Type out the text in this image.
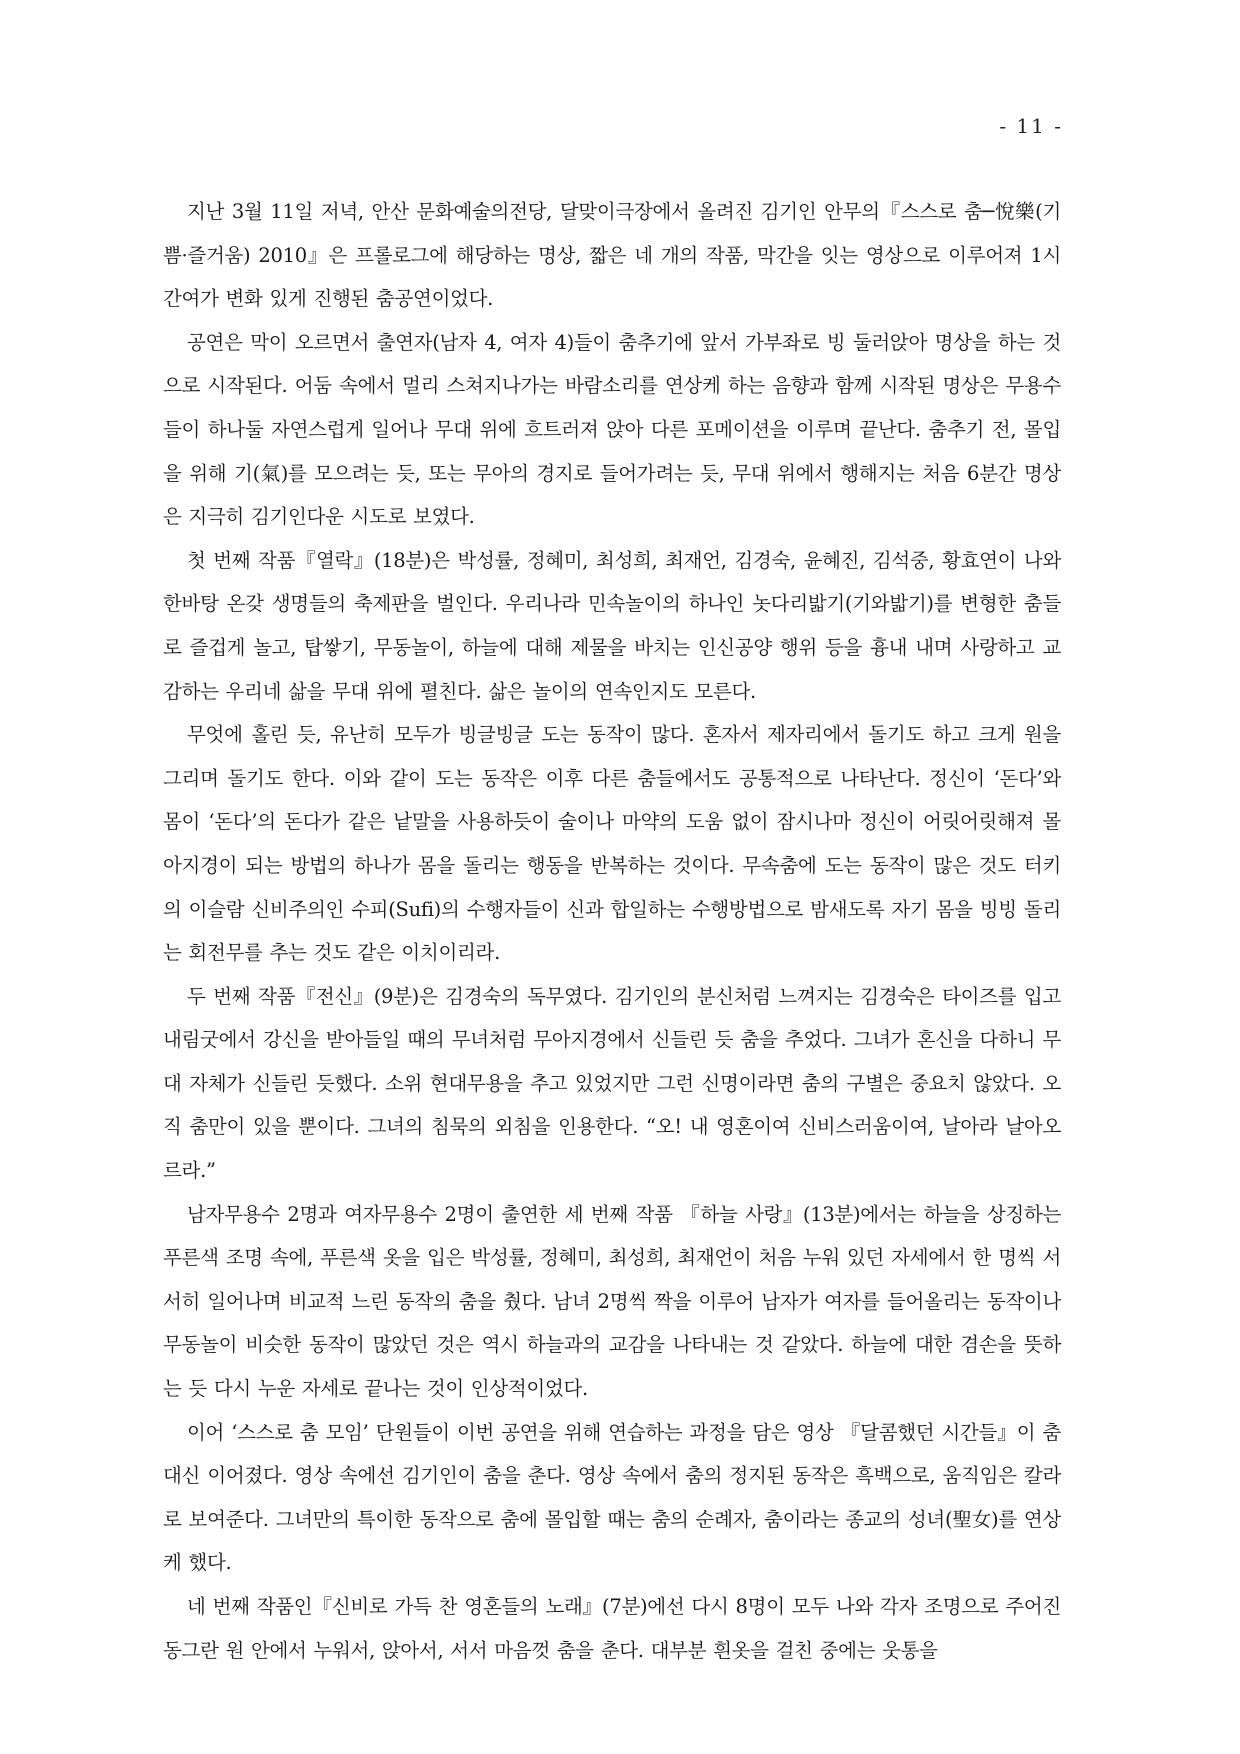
- 11 -

지난 3월 11일 저녁, 안산 문화예술의전당, 달맞이극장에서 올려진 김기인 안무의『스스로 춤─悅樂(기쁨·즐거움) 2010』은 프롤로그에 해당하는 명상, 짧은 네 개의 작품, 막간을 잇는 영상으로 이루어져 1시간여가 변화 있게 진행된 춤공연이었다.

공연은 막이 오르면서 출연자(남자 4, 여자 4)들이 춤추기에 앞서 가부좌로 빙 둘러앉아 명상을 하는 것으로 시작된다. 어둠 속에서 멀리 스쳐지나가는 바람소리를 연상케 하는 음향과 함께 시작된 명상은 무용수들이 하나둘 자연스럽게 일어나 무대 위에 흐트러져 앉아 다른 포메이션을 이루며 끝난다. 춤추기 전, 몰입을 위해 기(氣)를 모으려는 듯, 또는 무아의 경지로 들어가려는 듯, 무대 위에서 행해지는 처음 6분간 명상은 지극히 김기인다운 시도로 보였다.

첫 번째 작품『열락』(18분)은 박성률, 정혜미, 최성희, 최재언, 김경숙, 윤혜진, 김석중, 황효연이 나와 한바탕 온갖 생명들의 축제판을 벌인다. 우리나라 민속놀이의 하나인 놋다리밟기(기와밟기)를 변형한 춤들로 즐겁게 놀고, 탑쌓기, 무동놀이, 하늘에 대해 제물을 바치는 인신공양 행위 등을 흉내 내며 사랑하고 교감하는 우리네 삶을 무대 위에 펼친다. 삶은 놀이의 연속인지도 모른다.

무엇에 홀린 듯, 유난히 모두가 빙글빙글 도는 동작이 많다. 혼자서 제자리에서 돌기도 하고 크게 원을 그리며 돌기도 한다. 이와 같이 도는 동작은 이후 다른 춤들에서도 공통적으로 나타난다. 정신이 ‘돈다’와 몸이 ‘돈다’의 돈다가 같은 낱말을 사용하듯이 술이나 마약의 도움 없이 잠시나마 정신이 어릿어릿해져 몰아지경이 되는 방법의 하나가 몸을 돌리는 행동을 반복하는 것이다. 무속춤에 도는 동작이 많은 것도 터키의 이슬람 신비주의인 수피(Sufi)의 수행자들이 신과 합일하는 수행방법으로 밤새도록 자기 몸을 빙빙 돌리는 회전무를 추는 것도 같은 이치이리라.

두 번째 작품『전신』(9분)은 김경숙의 독무였다. 김기인의 분신처럼 느껴지는 김경숙은 타이즈를 입고 내림굿에서 강신을 받아들일 때의 무녀처럼 무아지경에서 신들린 듯 춤을 추었다. 그녀가 혼신을 다하니 무대 자체가 신들린 듯했다. 소위 현대무용을 추고 있었지만 그런 신명이라면 춤의 구별은 중요치 않았다. 오직 춤만이 있을 뿐이다. 그녀의 침묵의 외침을 인용한다. “오! 내 영혼이여 신비스러움이여, 날아라 날아오르라.”

남자무용수 2명과 여자무용수 2명이 출연한 세 번째 작품 『하늘 사랑』(13분)에서는 하늘을 상징하는 푸른색 조명 속에, 푸른색 옷을 입은 박성률, 정혜미, 최성희, 최재언이 처음 누워 있던 자세에서 한 명씩 서서히 일어나며 비교적 느린 동작의 춤을 췄다. 남녀 2명씩 짝을 이루어 남자가 여자를 들어올리는 동작이나 무동놀이 비슷한 동작이 많았던 것은 역시 하늘과의 교감을 나타내는 것 같았다. 하늘에 대한 겸손을 뜻하는 듯 다시 누운 자세로 끝나는 것이 인상적이었다.

이어 ‘스스로 춤 모임’ 단원들이 이번 공연을 위해 연습하는 과정을 담은 영상 『달콤했던 시간들』이 춤 대신 이어졌다. 영상 속에선 김기인이 춤을 춘다. 영상 속에서 춤의 정지된 동작은 흑백으로, 움직임은 칼라로 보여준다. 그녀만의 특이한 동작으로 춤에 몰입할 때는 춤의 순례자, 춤이라는 종교의 성녀(聖女)를 연상케 했다.

네 번째 작품인『신비로 가득 찬 영혼들의 노래』(7분)에선 다시 8명이 모두 나와 각자 조명으로 주어진 동그란 원 안에서 누워서, 앉아서, 서서 마음껏 춤을 춘다. 대부분 흰옷을 걸친 중에는 웃통을
